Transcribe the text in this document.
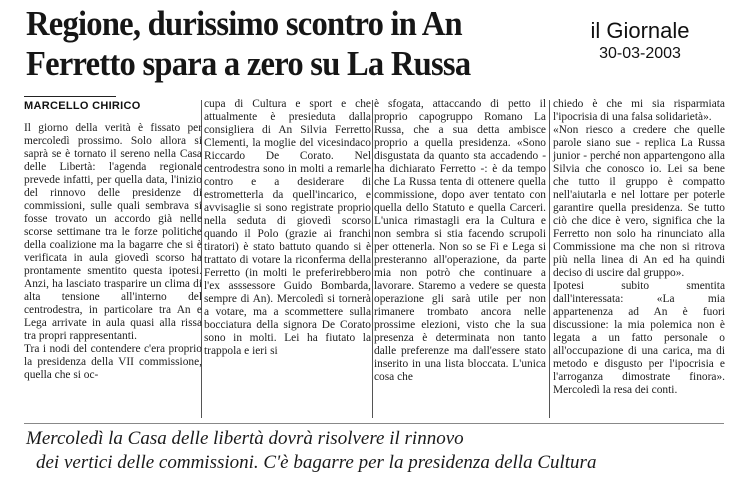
Regione, durissimo scontro in An
Ferretto spara a zero su La Russa
il Giornale
30-03-2003
MARCELLO CHIRICO

Il giorno della verità è fissato per mercoledì prossimo. Solo allora si saprà se è tornato il sereno nella Casa delle Libertà: l'agenda regionale prevede infatti, per quella data, l'inizio del rinnovo delle presidenze di commissioni, sulle quali sembrava si fosse trovato un accordo già nelle scorse settimane tra le forze politiche della coalizione ma la bagarre che si è verificata in aula giovedì scorso ha prontamente smentito questa ipotesi. Anzi, ha lasciato trasparire un clima di alta tensione all'interno del centrodestra, in particolare tra An e Lega arrivate in aula quasi alla rissa tra propri rappresentanti.

Tra i nodi del contendere c'era proprio la presidenza della VII commissione, quella che si oc-

cupa di Cultura e sport e che attualmente è presieduta dalla consigliera di An Silvia Ferretto Clementi, la moglie del vicesindaco Riccardo De Corato. Nel centrodestra sono in molti a remarle contro e a desiderare di estrometterla da quell'incarico, e avvisaglie si sono registrate proprio nella seduta di giovedì scorso quando il Polo (grazie ai franchi tiratori) è stato battuto quando si è trattato di votare la riconferma della Ferretto (in molti le preferirebbero l'ex asssessore Guido Bombarda, sempre di An). Mercoledì si tornerà a votare, ma a scommettere sulla bocciatura della signora De Corato sono in molti. Lei ha fiutato la trappola e ieri si

è sfogata, attaccando di petto il proprio capogruppo Romano La Russa, che a sua detta ambisce proprio a quella presidenza. «Sono disgustata da quanto sta accadendo - ha dichiarato Ferretto -: è da tempo che La Russa tenta di ottenere quella commissione, dopo aver tentato con quella dello Statuto e quella Carceri. L'unica rimastagli era la Cultura e non sembra si stia facendo scrupoli per ottenerla. Non so se Fi e Lega si presteranno all'operazione, da parte mia non potrò che continuare a lavorare. Staremo a vedere se questa operazione gli sarà utile per non rimanere trombato ancora nelle prossime elezioni, visto che la sua presenza è determinata non tanto dalle preferenze ma dall'essere stato inserito in una lista bloccata. L'unica cosa che

chiedo è che mi sia risparmiata l'ipocrisia di una falsa solidarietà».

«Non riesco a credere che quelle parole siano sue - replica La Russa junior - perché non appartengono alla Silvia che conosco io. Lei sa bene che tutto il gruppo è compatto nell'aiutarla e nel lottare per poterle garantire quella presidenza. Se tutto ciò che dice è vero, significa che la Ferretto non solo ha rinunciato alla Commissione ma che non si ritrova più nella linea di An ed ha quindi deciso di uscire dal gruppo».

Ipotesi subito smentita dall'interessata: «La mia appartenenza ad An è fuori discussione: la mia polemica non è legata a un fatto personale o all'occupazione di una carica, ma di metodo e disgusto per l'ipocrisia e l'arroganza dimostrate finora». Mercoledì la resa dei conti.

Mercoledì la Casa delle libertà dovrà risolvere il rinnovo
dei vertici delle commissioni. C'è bagarre per la presidenza della Cultura
